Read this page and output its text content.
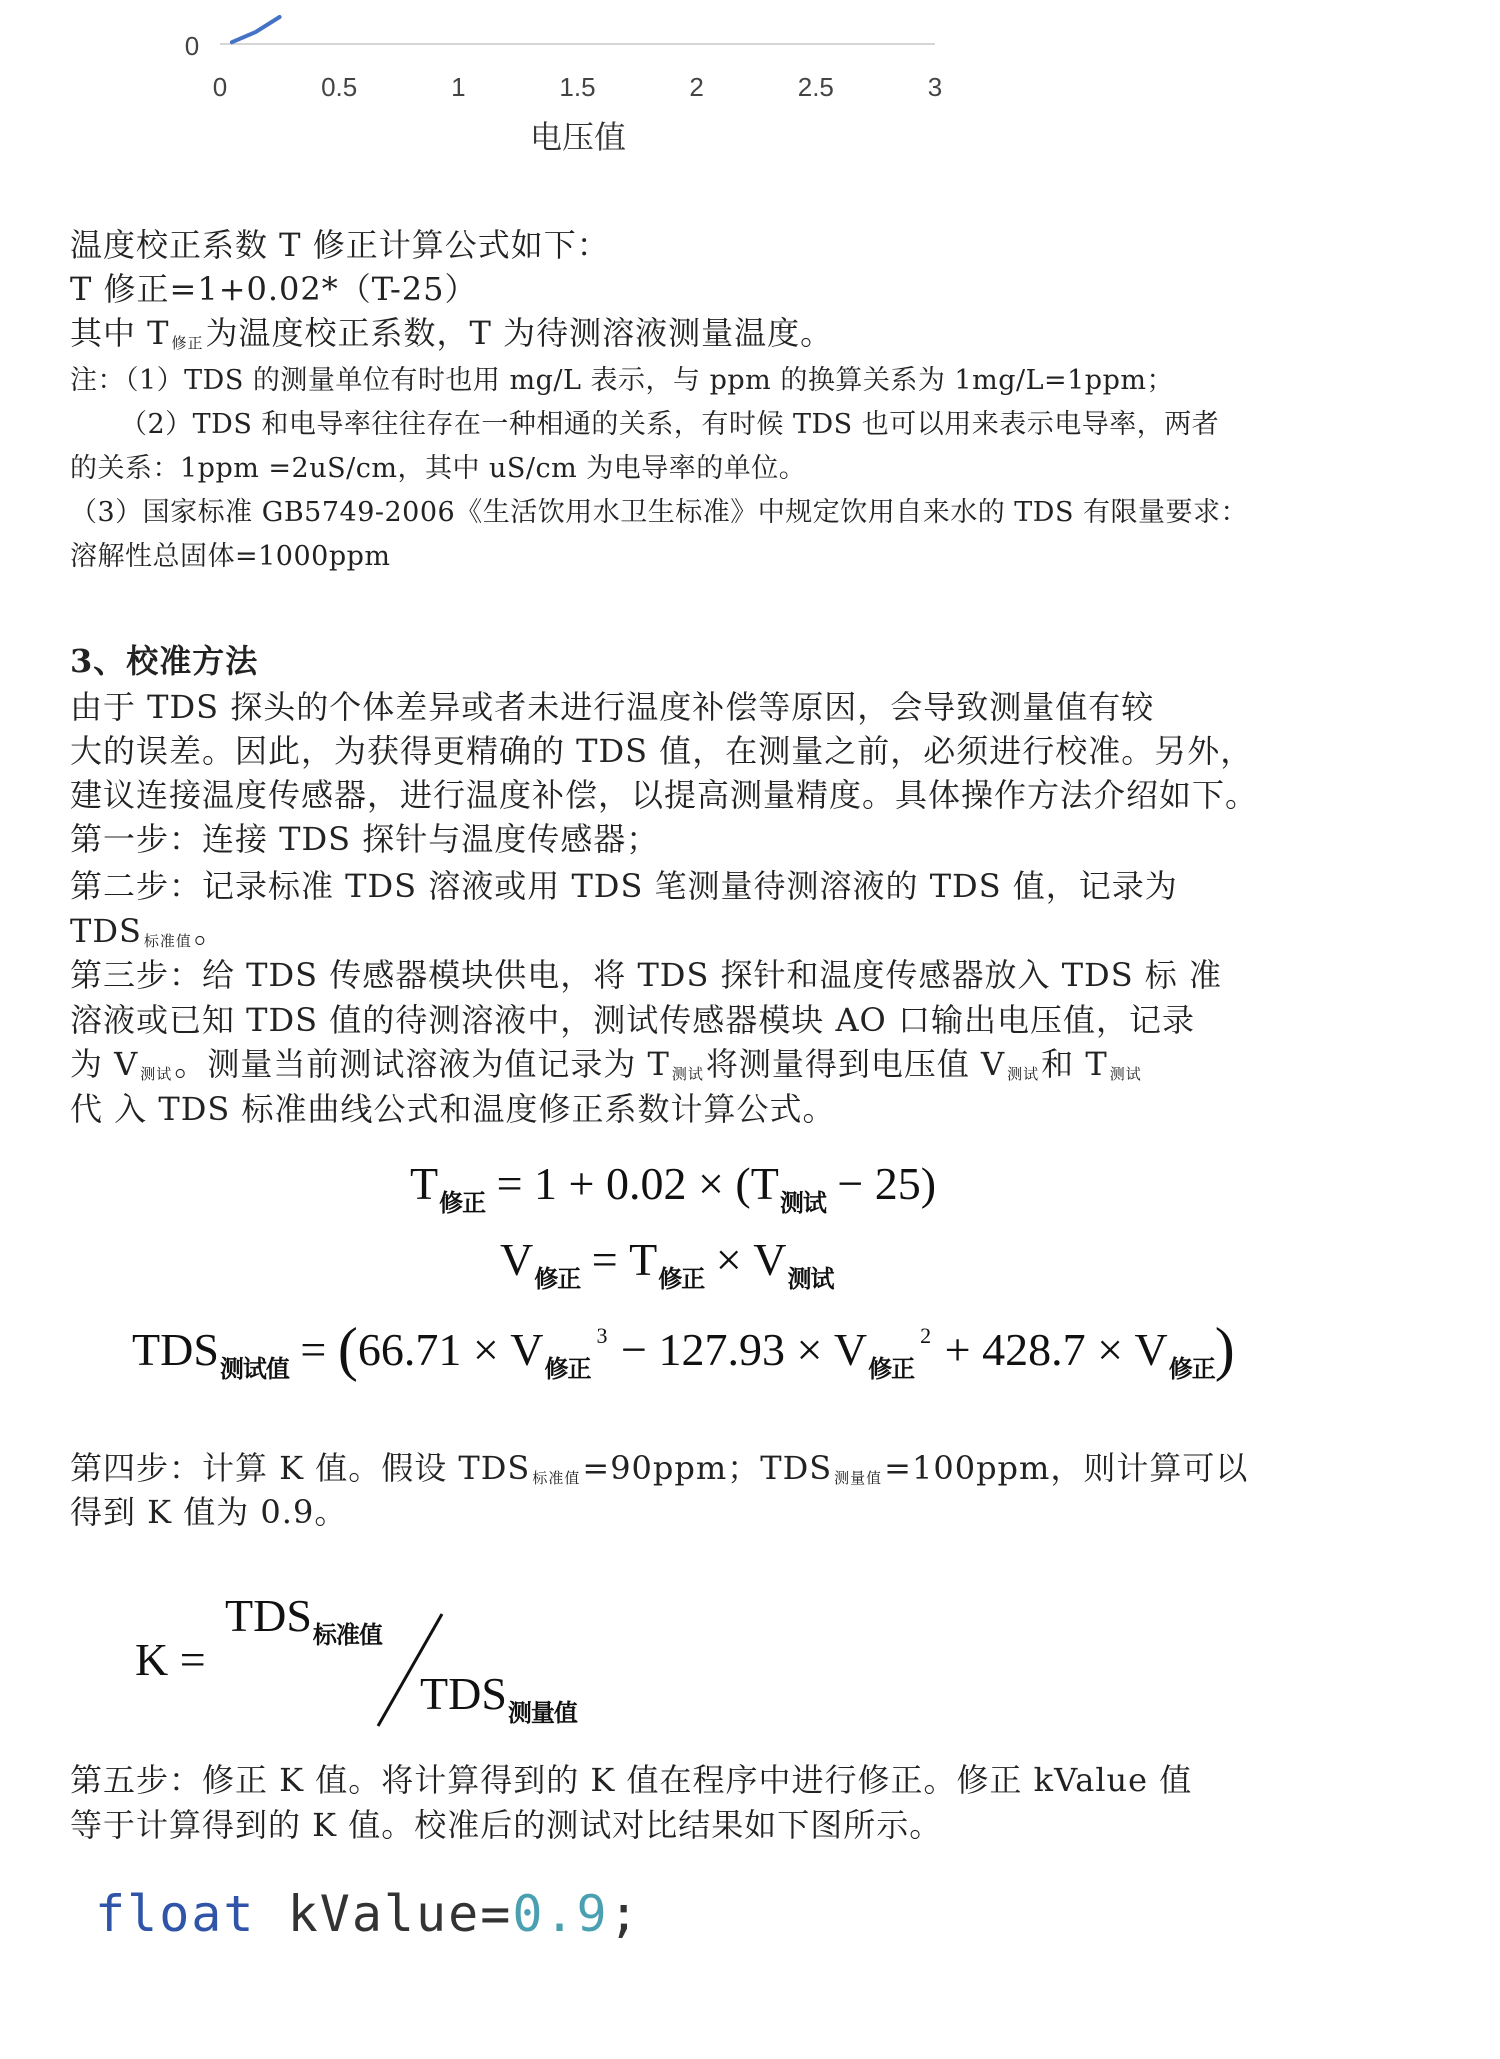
0	0.5	1	1.5	2	2.5	3
0
电压值
温度校正系数 T 修正计算公式如下：
T 修正=1+0.02*（T-25）
其中 T $_{修正}$为温度校正系数，T 为待测溶液测量温度。
注：（1）TDS 的测量单位有时也用 mg/L 表示，与 ppm 的换算关系为 1mg/L=1ppm；
（2）TDS 和电导率往往存在一种相通的关系，有时候 TDS 也可以用来表示电导率，两者
的关系：1ppm =2uS/cm，其中 uS/cm 为电导率的单位。
（3）国家标准 GB5749-2006《生活饮用水卫生标准》中规定饮用自来水的 TDS 有限量要求：
溶解性总固体=1000ppm
3、校准方法
由于 TDS 探头的个体差异或者未进行温度补偿等原因，会导致测量值有较
大的误差。因此，为获得更精确的 TDS 值，在测量之前，必须进行校准。另外，
建议连接温度传感器，进行温度补偿，以提高测量精度。具体操作方法介绍如下。
第一步：连接 TDS 探针与温度传感器；
第二步：记录标准 TDS 溶液或用 TDS 笔测量待测溶液的 TDS 值，记录为
TDS $_{标准值}$。
第三步：给 TDS 传感器模块供电，将 TDS 探针和温度传感器放入 TDS 标 准
溶液或已知 TDS 值的待测溶液中，测试传感器模块 AO 口输出电压值，记录
为 V $_{测试}$。测量当前测试溶液为值记录为 T $_{测试}$将测量得到电压值 V $_{测试}$和 T $_{测试}$
代 入 TDS 标准曲线公式和温度修正系数计算公式。
$T_{修正} = 1 + 0.02 \times (T_{测试} - 25)$
$V_{修正} = T_{修正} \times V_{测试}$
$TDS_{测试值} = (66.71 \times V_{修正}^3 - 127.93 \times V_{修正}^2 + 428.7 \times V_{修正})$
第四步：计算 K 值。假设 TDS $_{标准值}$=90ppm；TDS $_{测量值}$=100ppm，则计算可以
得到 K 值为 0.9。
K =
$TDS_{标准值}$
$TDS_{测量值}$
第五步：修正 K 值。将计算得到的 K 值在程序中进行修正。修正 kValue 值
等于计算得到的 K 值。校准后的测试对比结果如下图所示。
float kValue=0.9;
